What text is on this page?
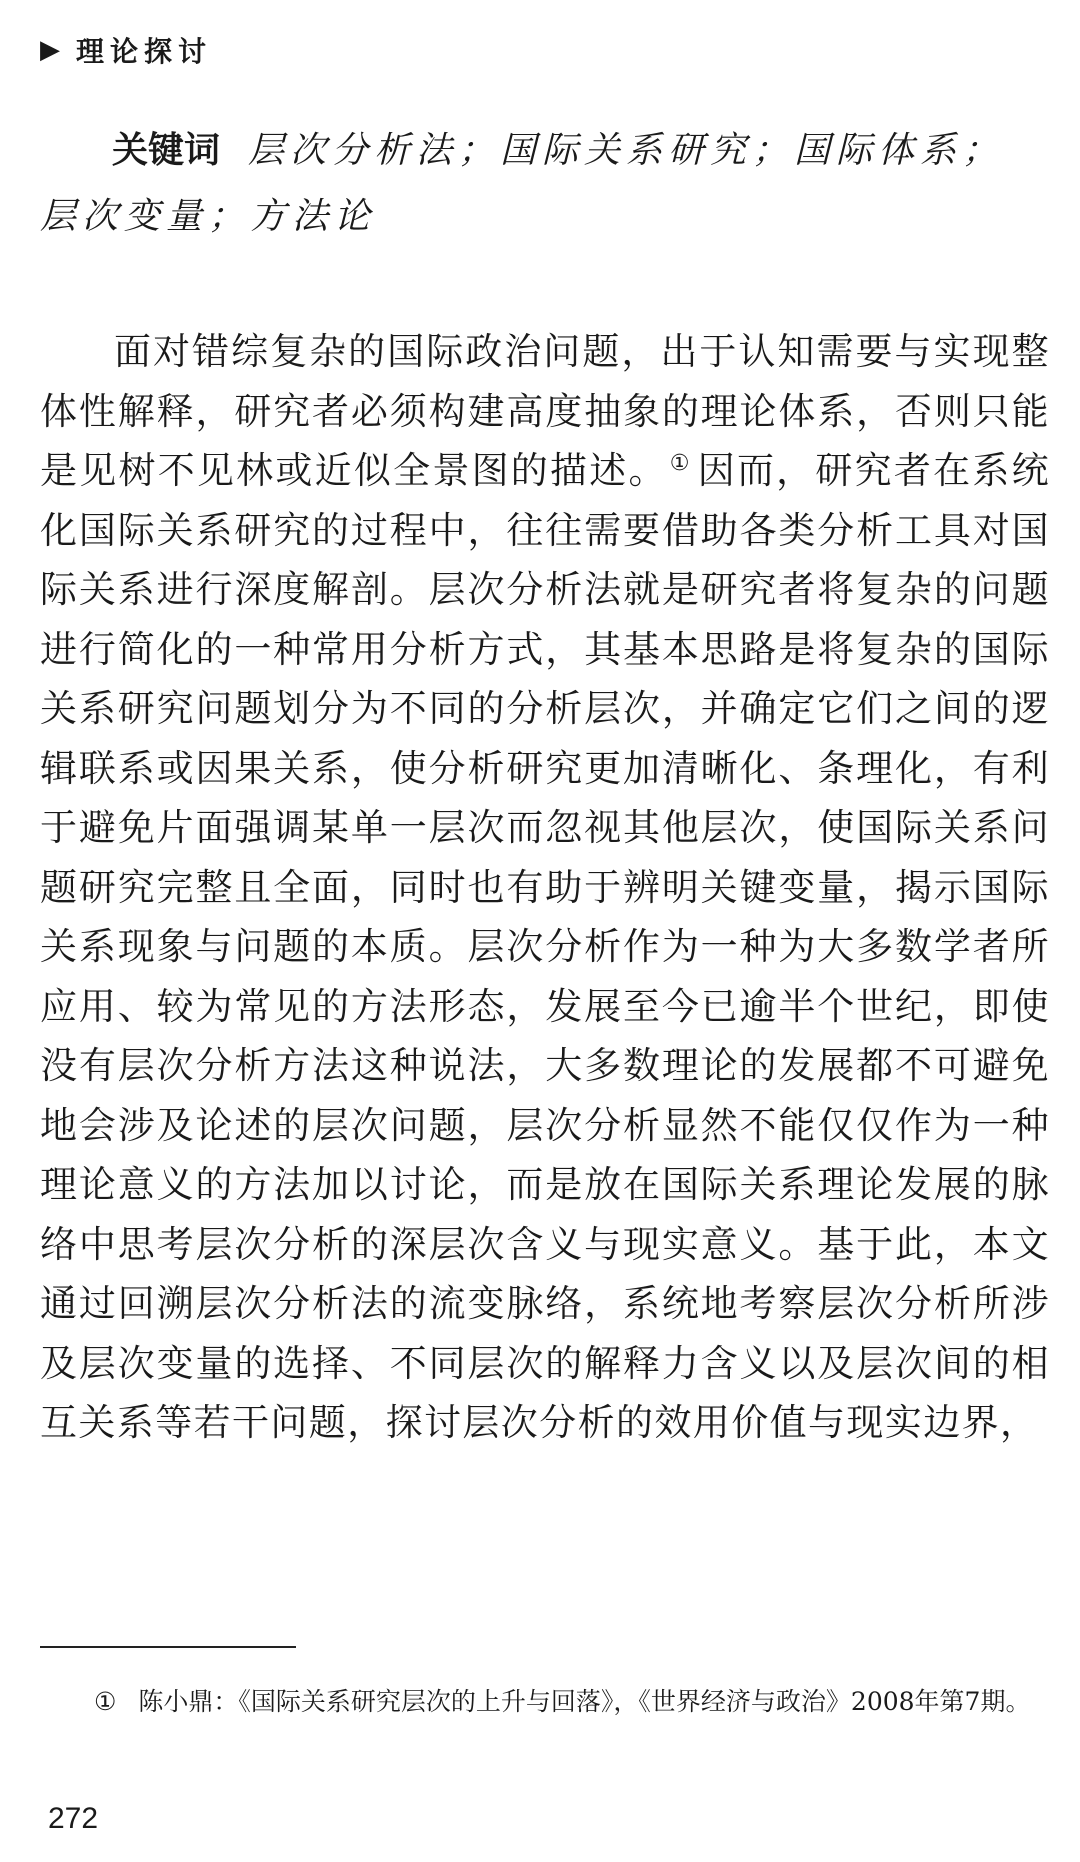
▶ 理论探讨
关键词 层次分析法；国际关系研究；国际体系；层次变量；方法论

面对错综复杂的国际政治问题，出于认知需要与实现整体性解释，研究者必须构建高度抽象的理论体系，否则只能是见树不见林或近似全景图的描述。① 因而，研究者在系统化国际关系研究的过程中，往往需要借助各类分析工具对国际关系进行深度解剖。层次分析法就是研究者将复杂的问题进行简化的一种常用分析方式，其基本思路是将复杂的国际关系研究问题划分为不同的分析层次，并确定它们之间的逻辑联系或因果关系，使分析研究更加清晰化、条理化，有利于避免片面强调某单一层次而忽视其他层次，使国际关系问题研究完整且全面，同时也有助于辨明关键变量，揭示国际关系现象与问题的本质。层次分析作为一种为大多数学者所应用、较为常见的方法形态，发展至今已逾半个世纪，即使没有层次分析方法这种说法，大多数理论的发展都不可避免地会涉及论述的层次问题，层次分析显然不能仅仅作为一种理论意义的方法加以讨论，而是放在国际关系理论发展的脉络中思考层次分析的深层次含义与现实意义。基于此，本文通过回溯层次分析法的流变脉络，系统地考察层次分析所涉及层次变量的选择、不同层次的解释力含义以及层次间的相互关系等若干问题，探讨层次分析的效用价值与现实边界，

① 陈小鼎：《国际关系研究层次的上升与回落》，《世界经济与政治》2008年第7期。

272
